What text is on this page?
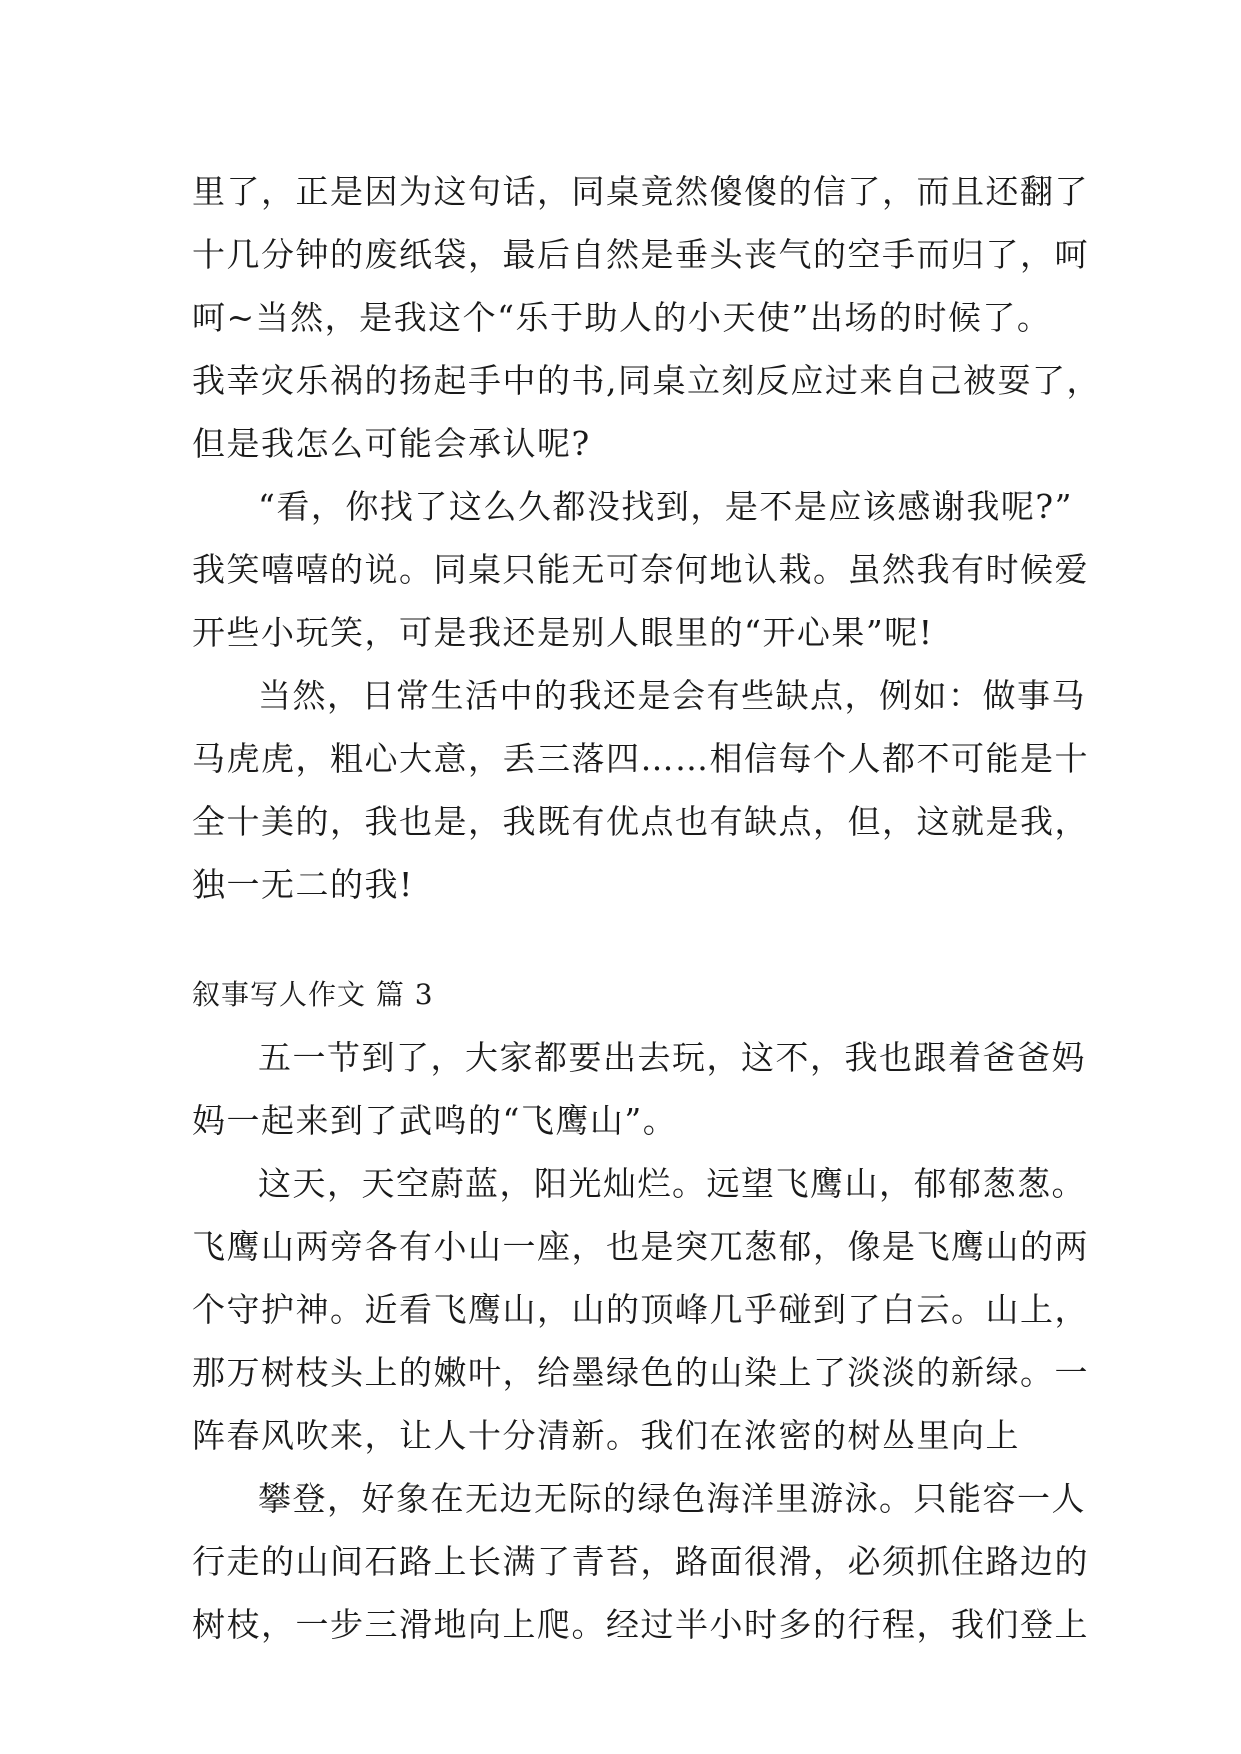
里了，正是因为这句话，同桌竟然傻傻的信了，而且还翻了
十几分钟的废纸袋，最后自然是垂头丧气的空手而归了，呵
呵~当然，是我这个“乐于助人的小天使”出场的时候了。
我幸灾乐祸的扬起手中的书,同桌立刻反应过来自己被耍了，
但是我怎么可能会承认呢?
“看，你找了这么久都没找到，是不是应该感谢我呢?”
我笑嘻嘻的说。同桌只能无可奈何地认栽。虽然我有时候爱
开些小玩笑，可是我还是别人眼里的“开心果”呢!
当然，日常生活中的我还是会有些缺点，例如：做事马
马虎虎，粗心大意，丢三落四……相信每个人都不可能是十
全十美的，我也是，我既有优点也有缺点，但，这就是我，
独一无二的我!
叙事写人作文 篇 3
五一节到了，大家都要出去玩，这不，我也跟着爸爸妈
妈一起来到了武鸣的“飞鹰山”。
这天，天空蔚蓝，阳光灿烂。远望飞鹰山，郁郁葱葱。
飞鹰山两旁各有小山一座，也是突兀葱郁，像是飞鹰山的两
个守护神。近看飞鹰山，山的顶峰几乎碰到了白云。山上，
那万树枝头上的嫩叶，给墨绿色的山染上了淡淡的新绿。一
阵春风吹来，让人十分清新。我们在浓密的树丛里向上
攀登，好象在无边无际的绿色海洋里游泳。只能容一人
行走的山间石路上长满了青苔，路面很滑，必须抓住路边的
树枝，一步三滑地向上爬。经过半小时多的行程，我们登上
